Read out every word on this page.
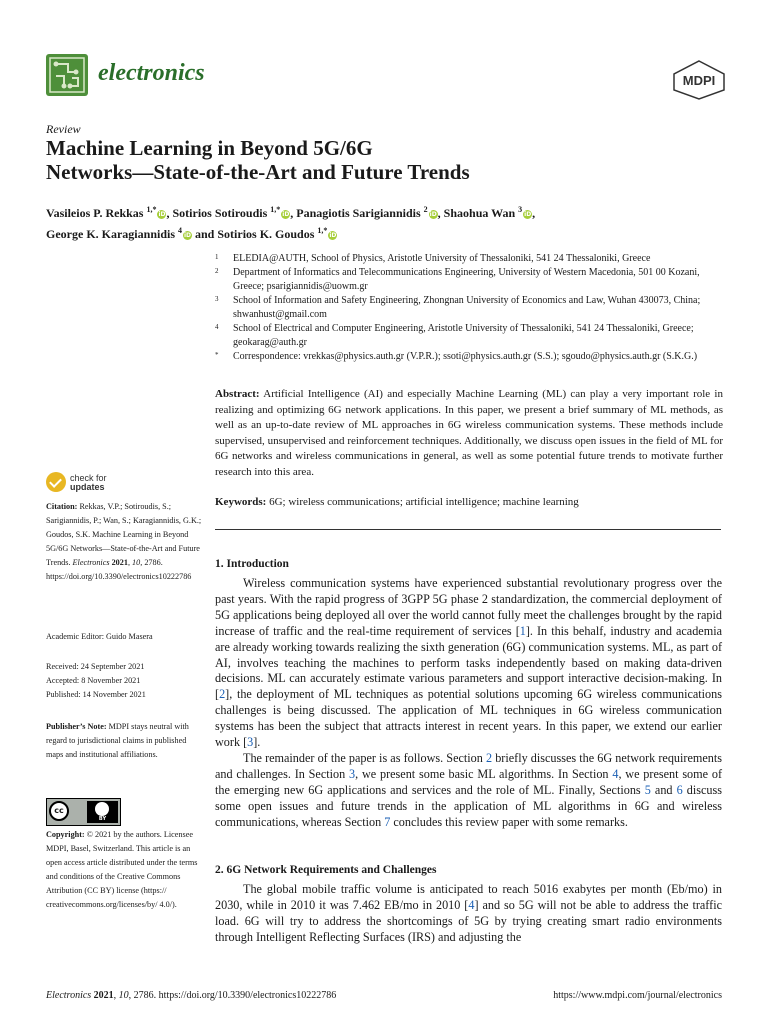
electronics	MDPI
Review
Machine Learning in Beyond 5G/6G
Networks—State-of-the-Art and Future Trends
Vasileios P. Rekkas $^{1,*}$iD, Sotirios Sotiroudis $^{1,*}$iD, Panagiotis Sarigiannidis $^2$iD, Shaohua Wan $^3$iD,
George K. Karagiannidis $^4$iD and Sotirios K. Goudos $^{1,*}$iD
1 ELEDIA@AUTH, School of Physics, Aristotle University of Thessaloniki, 541 24 Thessaloniki, Greece
2 Department of Informatics and Telecommunications Engineering, University of Western Macedonia, 501 00 Kozani, Greece; psarigiannidis@uowm.gr
3 School of Information and Safety Engineering, Zhongnan University of Economics and Law, Wuhan 430073, China; shwanhust@gmail.com
4 School of Electrical and Computer Engineering, Aristotle University of Thessaloniki, 541 24 Thessaloniki, Greece; geokarag@auth.gr
* Correspondence: vrekkas@physics.auth.gr (V.P.R.); ssoti@physics.auth.gr (S.S.); sgoudo@physics.auth.gr (S.K.G.)
Abstract: Artificial Intelligence (AI) and especially Machine Learning (ML) can play a very important role in realizing and optimizing 6G network applications. In this paper, we present a brief summary of ML methods, as well as an up-to-date review of ML approaches in 6G wireless communication systems. These methods include supervised, unsupervised and reinforcement techniques. Additionally, we discuss open issues in the field of ML for 6G networks and wireless communications in general, as well as some potential future trends to motivate further research into this area.
Keywords: 6G; wireless communications; artificial intelligence; machine learning
1. Introduction

Wireless communication systems have experienced substantial revolutionary progress over the past years. With the rapid progress of 3GPP 5G phase 2 standardization, the commercial deployment of 5G applications being deployed all over the world cannot fully meet the challenges brought by the rapid increase of traffic and the real-time requirement of services [1]. In this behalf, industry and academia are already working towards realizing the sixth generation (6G) communication systems. ML, as part of AI, involves teaching the machines to perform tasks independently based on making data-driven decisions. ML can accurately estimate various parameters and support interactive decision-making. In [2], the deployment of ML techniques as potential solutions upcoming 6G wireless communications challenges is being discussed. The application of ML techniques in 6G wireless communication systems has been the subject that attracts interest in recent years. In this paper, we extend our earlier work [3].

The remainder of the paper is as follows. Section 2 briefly discusses the 6G network requirements and challenges. In Section 3, we present some basic ML algorithms. In Section 4, we present some of the emerging new 6G applications and services and the role of ML. Finally, Sections 5 and 6 discuss some open issues and future trends in the application of ML algorithms in 6G and wireless communications, whereas Section 7 concludes this review paper with some remarks.

2. 6G Network Requirements and Challenges

The global mobile traffic volume is anticipated to reach 5016 exabytes per month (Eb/mo) in 2030, while in 2010 it was 7.462 EB/mo in 2010 [4] and so 5G will not be able to address the traffic load. 6G will try to address the shortcomings of 5G by trying creating smart radio environments through Intelligent Reflecting Surfaces (IRS) and adjusting the

check for
updates
Citation: Rekkas, V.P.; Sotiroudis, S.; Sarigiannidis, P.; Wan, S.; Karagiannidis, G.K.; Goudos, S.K. Machine Learning in Beyond 5G/6G Networks—State-of-the-Art and Future Trends. Electronics 2021, 10, 2786. https://doi.org/10.3390/electronics10222786
Academic Editor: Guido Masera
Received: 24 September 2021
Accepted: 8 November 2021
Published: 14 November 2021
Publisher’s Note: MDPI stays neutral with regard to jurisdictional claims in published maps and institutional affiliations.
cc
BY
Copyright: © 2021 by the authors. Licensee MDPI, Basel, Switzerland. This article is an open access article distributed under the terms and conditions of the Creative Commons Attribution (CC BY) license (https:// creativecommons.org/licenses/by/ 4.0/).
Electronics 2021, 10, 2786. https://doi.org/10.3390/electronics10222786	https://www.mdpi.com/journal/electronics
